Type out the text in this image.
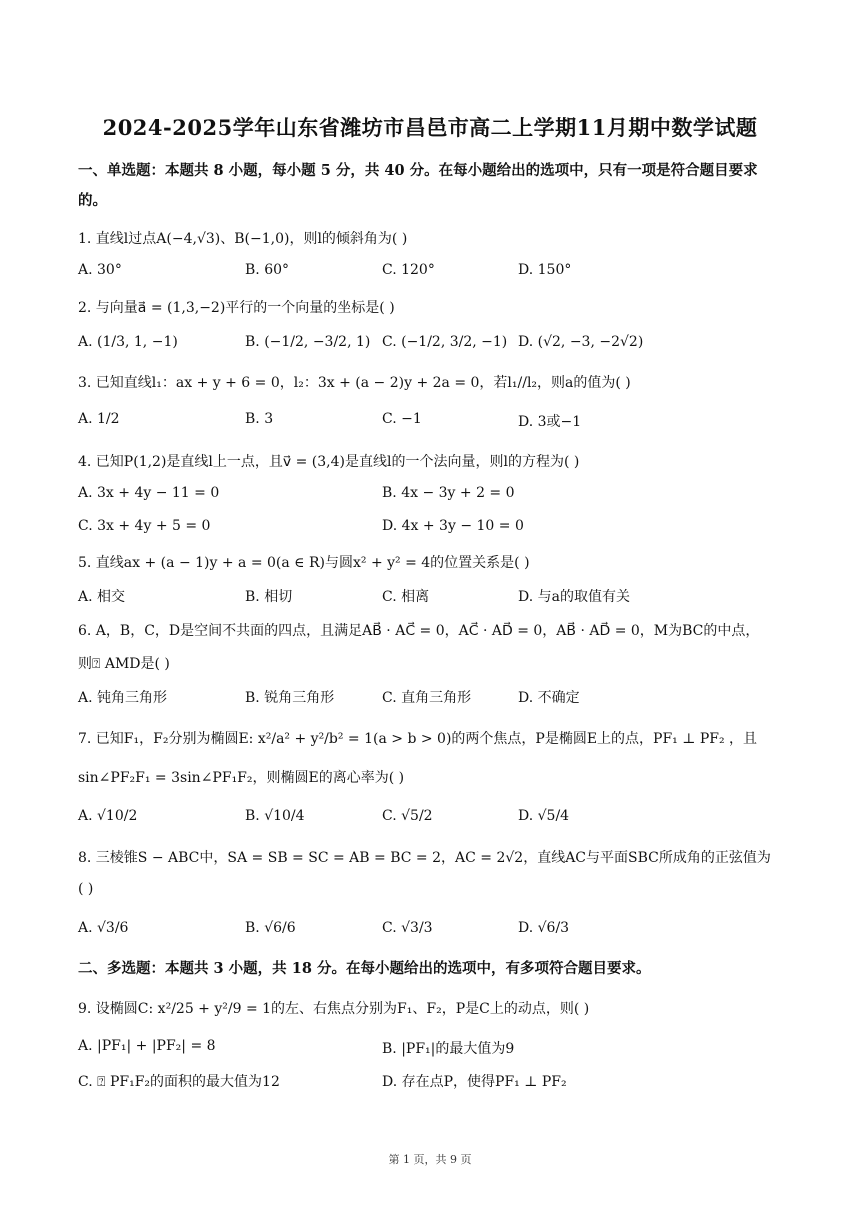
2024-2025学年山东省潍坊市昌邑市高二上学期11月期中数学试题
一、单选题：本题共 8 小题，每小题 5 分，共 40 分。在每小题给出的选项中，只有一项是符合题目要求
的。
1. 直线l过点A(−4,√3)、B(−1,0)，则l的倾斜角为( )
A. 30°	B. 60°	C. 120°	D. 150°
2. 与向量a⃗ = (1,3,−2)平行的一个向量的坐标是( )
A. (1/3, 1, −1)	B. (−1/2, −3/2, 1) C. (−1/2, 3/2, −1) D. (√2, −3, −2√2)
3. 已知直线l₁：ax + y + 6 = 0，l₂：3x + (a − 2)y + 2a = 0，若l₁//l₂，则a的值为( )
A. 1/2	B. 3	C. −1	D. 3或−1
4. 已知P(1,2)是直线l上一点，且v⃗ = (3,4)是直线l的一个法向量，则l的方程为( )
A. 3x + 4y − 11 = 0	B. 4x − 3y + 2 = 0
C. 3x + 4y + 5 = 0	D. 4x + 3y − 10 = 0
5. 直线ax + (a − 1)y + a = 0(a ∈ R)与圆x² + y² = 4的位置关系是( )
A. 相交	B. 相切	C. 相离	D. 与a的取值有关
6. A，B，C，D是空间不共面的四点，且满足AB⃗ · AC⃗ = 0，AC⃗ · AD⃗ = 0，AB⃗ · AD⃗ = 0，M为BC的中点，
则⍰ AMD是( )
A. 钝角三角形	B. 锐角三角形	C. 直角三角形	D. 不确定
7. 已知F₁，F₂分别为椭圆E: x²/a² + y²/b² = 1(a > b > 0)的两个焦点，P是椭圆E上的点，PF₁ ⊥ PF₂ ，且
sin∠PF₂F₁ = 3sin∠PF₁F₂，则椭圆E的离心率为( )
A. √10/2	B. √10/4	C. √5/2	D. √5/4
8. 三棱锥S − ABC中，SA = SB = SC = AB = BC = 2，AC = 2√2，直线AC与平面SBC所成角的正弦值为
( )
A. √3/6	B. √6/6	C. √3/3	D. √6/3
二、多选题：本题共 3 小题，共 18 分。在每小题给出的选项中，有多项符合题目要求。
9. 设椭圆C: x²/25 + y²/9 = 1的左、右焦点分别为F₁、F₂，P是C上的动点，则( )
A. |PF₁| + |PF₂| = 8	B. |PF₁|的最大值为9
C. ⍰ PF₁F₂的面积的最大值为12	D. 存在点P，使得PF₁ ⊥ PF₂
第 1 页，共 9 页
